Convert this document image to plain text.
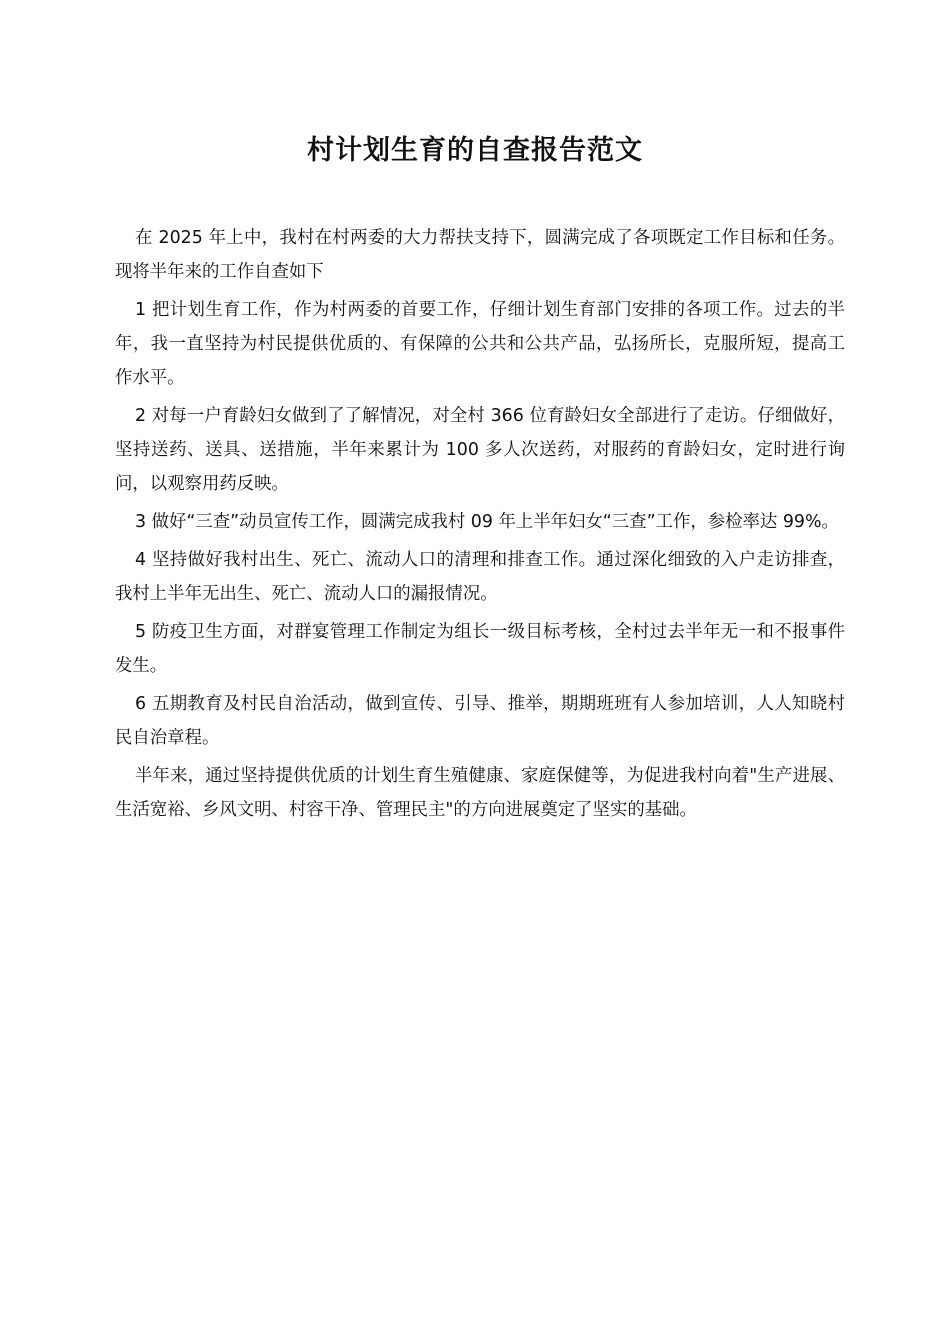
村计划生育的自查报告范文

在 2025 年上中，我村在村两委的大力帮扶支持下，圆满完成了各项既定工作目标和任务。现将半年来的工作自查如下

1 把计划生育工作，作为村两委的首要工作，仔细计划生育部门安排的各项工作。过去的半年，我一直坚持为村民提供优质的、有保障的公共和公共产品，弘扬所长，克服所短，提高工作水平。

2 对每一户育龄妇女做到了了解情况，对全村 366 位育龄妇女全部进行了走访。仔细做好，坚持送药、送具、送措施，半年来累计为 100 多人次送药，对服药的育龄妇女，定时进行询问，以观察用药反映。

3 做好“三查”动员宣传工作，圆满完成我村 09 年上半年妇女“三查”工作，参检率达 99%。

4 坚持做好我村出生、死亡、流动人口的清理和排查工作。通过深化细致的入户走访排查，我村上半年无出生、死亡、流动人口的漏报情况。

5 防疫卫生方面，对群宴管理工作制定为组长一级目标考核，全村过去半年无一和不报事件发生。

6 五期教育及村民自治活动，做到宣传、引导、推举，期期班班有人参加培训，人人知晓村民自治章程。

半年来，通过坚持提供优质的计划生育生殖健康、家庭保健等，为促进我村向着"生产进展、生活宽裕、乡风文明、村容干净、管理民主"的方向进展奠定了坚实的基础。
